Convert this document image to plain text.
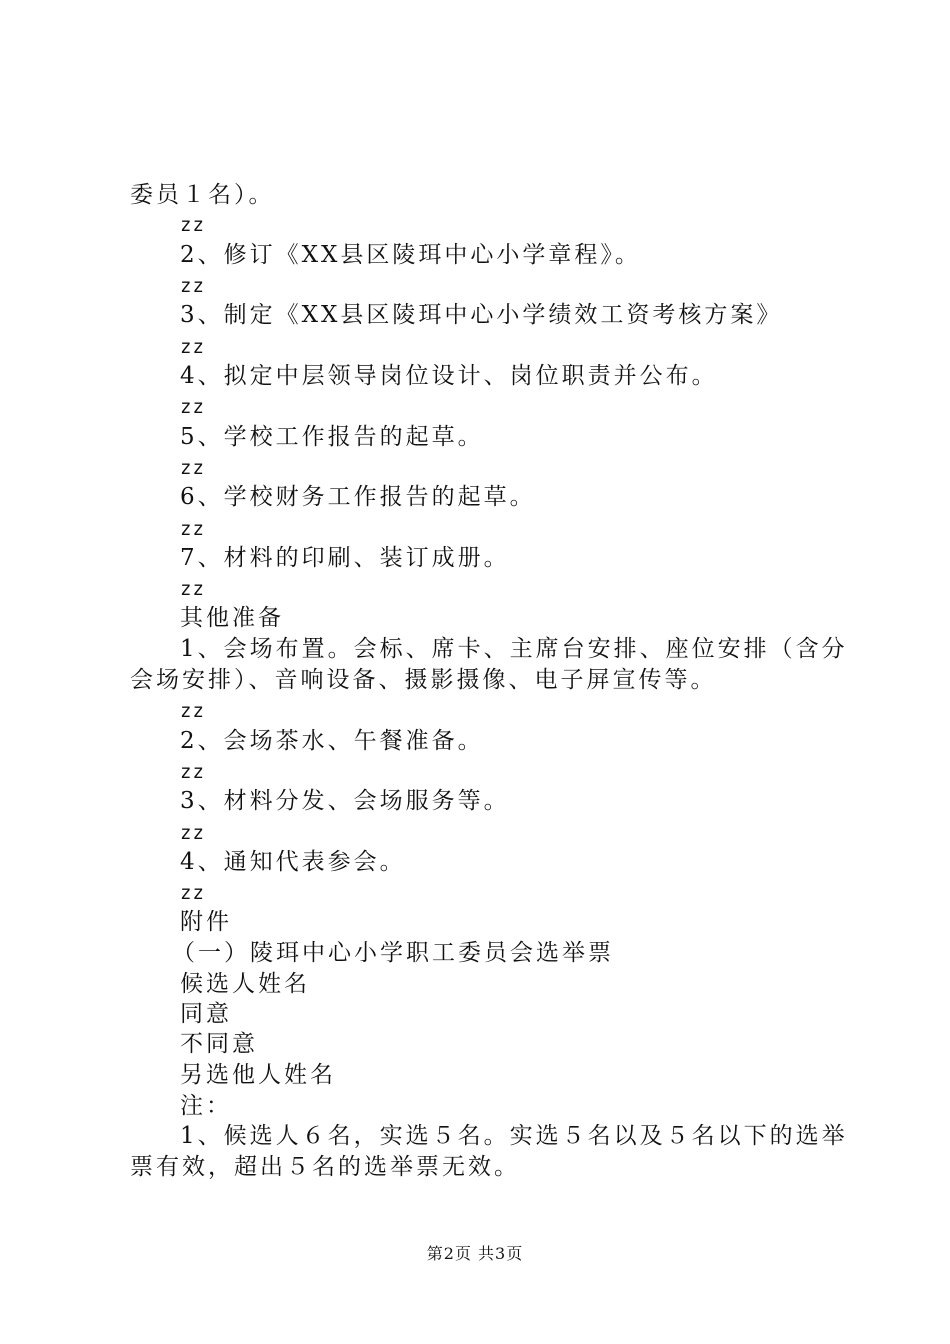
委员１名）。
zz
2、修订《XX县区陵珥中心小学章程》。
zz
3、制定《XX县区陵珥中心小学绩效工资考核方案》
zz
4、拟定中层领导岗位设计、岗位职责并公布。
zz
5、学校工作报告的起草。
zz
6、学校财务工作报告的起草。
zz
7、材料的印刷、装订成册。
zz
其他准备
1、会场布置。会标、席卡、主席台安排、座位安排（含分
会场安排）、音响设备、摄影摄像、电子屏宣传等。
zz
2、会场茶水、午餐准备。
zz
3、材料分发、会场服务等。
zz
4、通知代表参会。
zz
附件
（一）陵珥中心小学职工委员会选举票
候选人姓名
同意
不同意
另选他人姓名
注：
1、候选人６名，实选５名。实选５名以及５名以下的选举
票有效，超出５名的选举票无效。
第2页 共3页
